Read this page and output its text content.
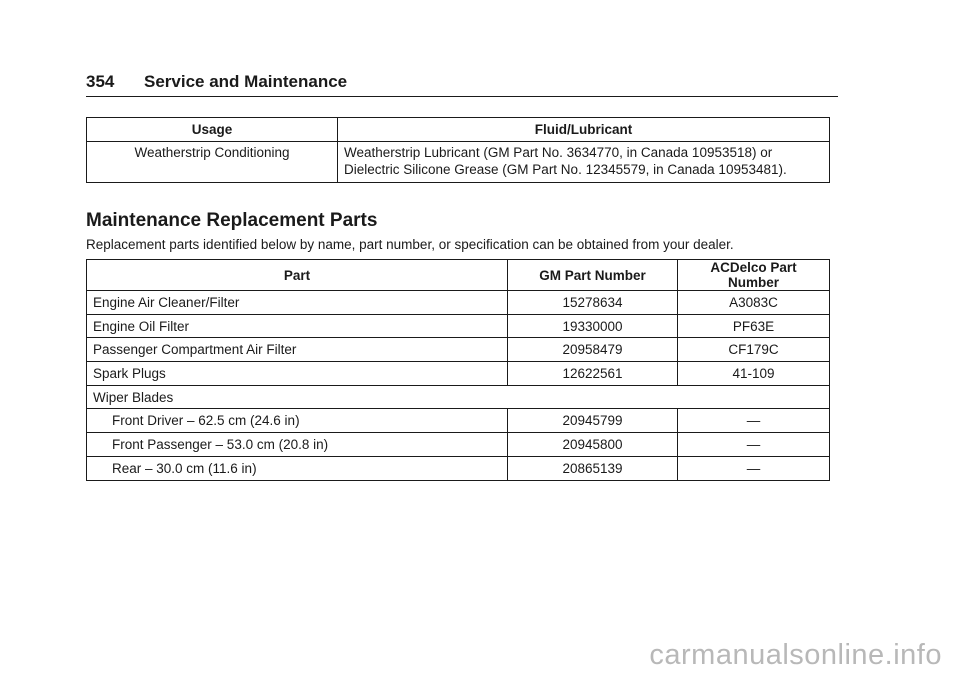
354 Service and Maintenance
Usage	Fluid/Lubricant
Weatherstrip Conditioning	Weatherstrip Lubricant (GM Part No. 3634770, in Canada 10953518) or
Dielectric Silicone Grease (GM Part No. 12345579, in Canada 10953481).
Maintenance Replacement Parts
Replacement parts identified below by name, part number, or specification can be obtained from your dealer.
Part	GM Part Number	ACDelco Part Number
Engine Air Cleaner/Filter	15278634	A3083C
Engine Oil Filter	19330000	PF63E
Passenger Compartment Air Filter	20958479	CF179C
Spark Plugs	12622561	41-109
Wiper Blades		
Front Driver – 62.5 cm (24.6 in)	20945799	—
Front Passenger – 53.0 cm (20.8 in)	20945800	—
Rear – 30.0 cm (11.6 in)	20865139	—
carmanualsonline.info
